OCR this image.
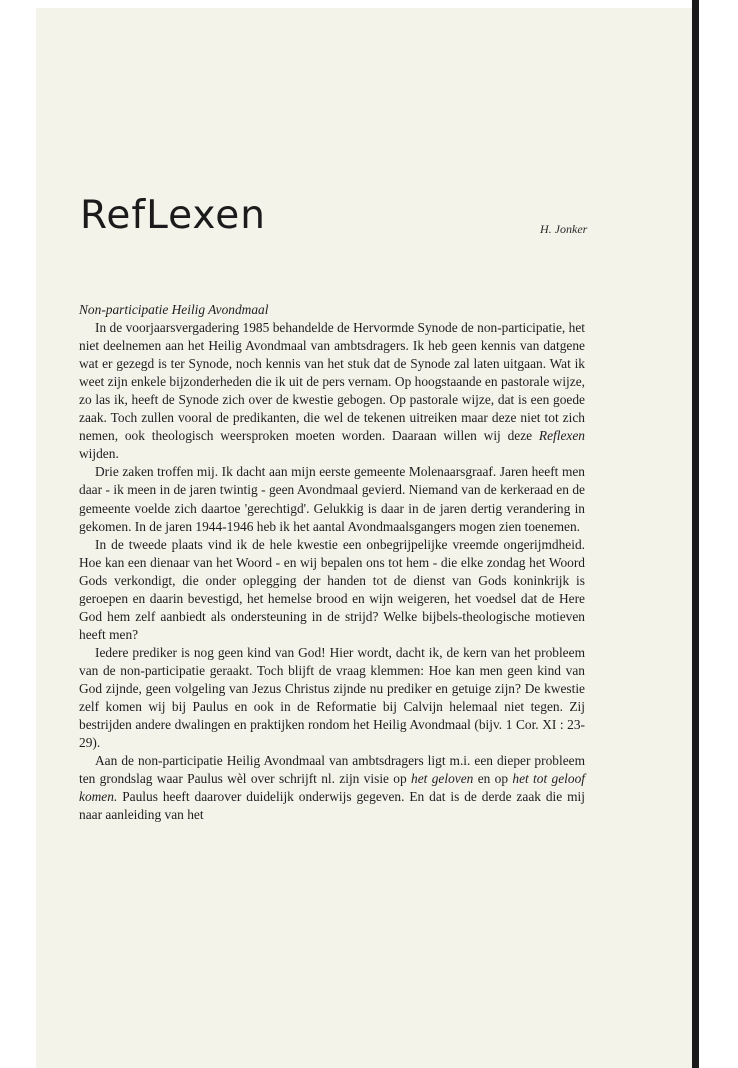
RefLexen	H. Jonker

Non-participatie Heilig Avondmaal

In de voorjaarsvergadering 1985 behandelde de Hervormde Synode de non-participatie, het niet deelnemen aan het Heilig Avondmaal van ambtsdragers. Ik heb geen kennis van datgene wat er gezegd is ter Synode, noch kennis van het stuk dat de Synode zal laten uitgaan. Wat ik weet zijn enkele bijzonderheden die ik uit de pers vernam. Op hoogstaande en pastorale wijze, zo las ik, heeft de Synode zich over de kwestie gebogen. Op pastorale wijze, dat is een goede zaak. Toch zullen vooral de predikanten, die wel de tekenen uitreiken maar deze niet tot zich nemen, ook theologisch weersproken moeten worden. Daaraan willen wij deze Reflexen wijden.

Drie zaken troffen mij. Ik dacht aan mijn eerste gemeente Molenaarsgraaf. Jaren heeft men daar - ik meen in de jaren twintig - geen Avondmaal gevierd. Niemand van de kerkeraad en de gemeente voelde zich daartoe 'gerechtigd'. Gelukkig is daar in de jaren dertig verandering in gekomen. In de jaren 1944-1946 heb ik het aantal Avondmaalsgangers mogen zien toenemen.

In de tweede plaats vind ik de hele kwestie een onbegrijpelijke vreemde ongerijmdheid. Hoe kan een dienaar van het Woord - en wij bepalen ons tot hem - die elke zondag het Woord Gods verkondigt, die onder oplegging der handen tot de dienst van Gods koninkrijk is geroepen en daarin bevestigd, het hemelse brood en wijn weigeren, het voedsel dat de Here God hem zelf aanbiedt als ondersteuning in de strijd? Welke bijbels-theologische motieven heeft men?

Iedere prediker is nog geen kind van God! Hier wordt, dacht ik, de kern van het probleem van de non-participatie geraakt. Toch blijft de vraag klemmen: Hoe kan men geen kind van God zijnde, geen volgeling van Jezus Christus zijnde nu prediker en getuige zijn? De kwestie zelf komen wij bij Paulus en ook in de Reformatie bij Calvijn helemaal niet tegen. Zij bestrijden andere dwalingen en praktijken rondom het Heilig Avondmaal (bijv. 1 Cor. XI : 23-29).

Aan de non-participatie Heilig Avondmaal van ambtsdragers ligt m.i. een dieper probleem ten grondslag waar Paulus wèl over schrijft nl. zijn visie op het geloven en op het tot geloof komen. Paulus heeft daarover duidelijk onderwijs gegeven. En dat is de derde zaak die mij naar aanleiding van het
